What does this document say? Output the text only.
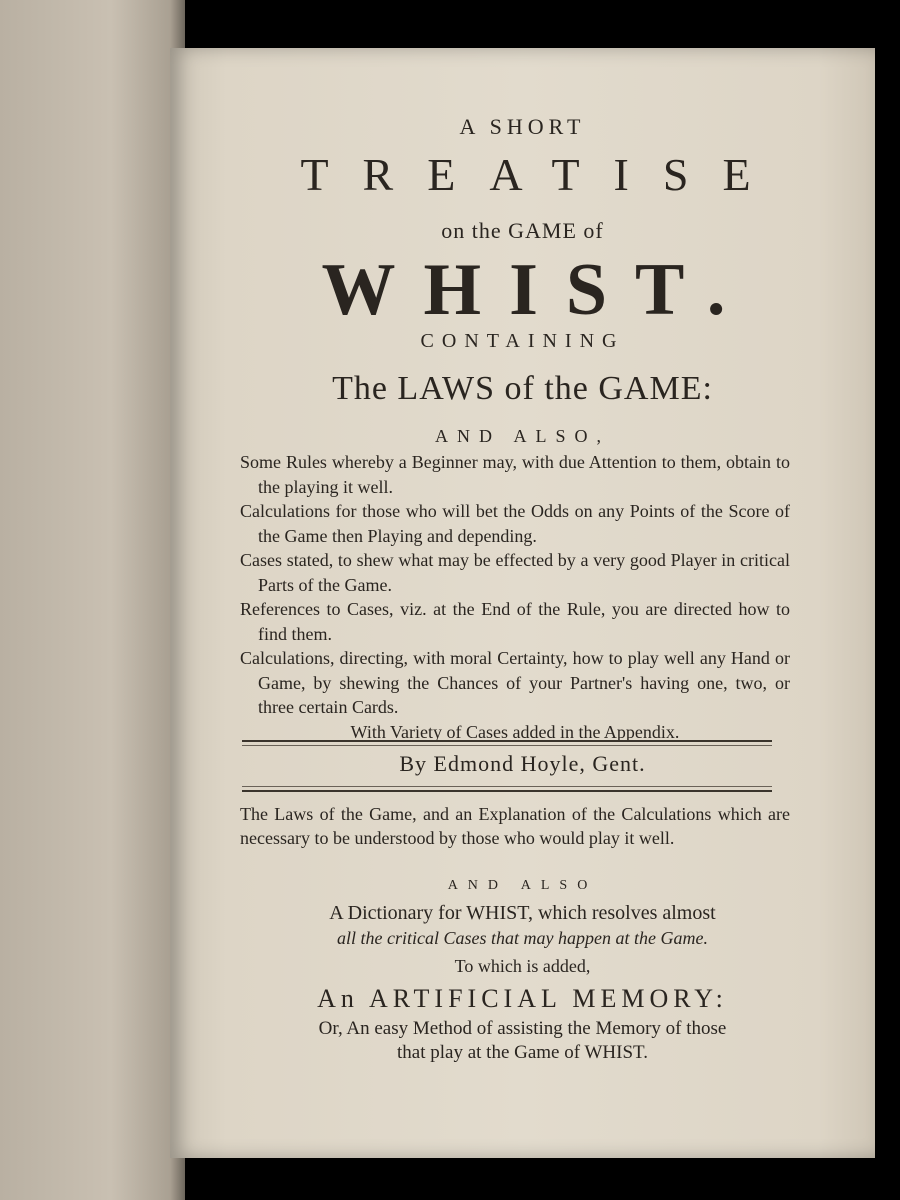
A SHORT
TREATISE
on the GAME of
WHIST.
CONTAINING
The LAWS of the GAME:
AND ALSO,

Some Rules whereby a Beginner may, with due Attention to them, obtain to the playing it well.

Calculations for those who will bet the Odds on any Points of the Score of the Game then Playing and depending.

Cases stated, to shew what may be effected by a very good Player in critical Parts of the Game.

References to Cases, viz. at the End of the Rule, you are directed how to find them.

Calculations, directing, with moral Certainty, how to play well any Hand or Game, by shewing the Chances of your Partner's having one, two, or three certain Cards.

With Variety of Cases added in the Appendix.

By Edmond Hoyle, Gent.
The Laws of the Game, and an Explanation of the Calculations which are necessary to be understood by those who would play it well.
AND ALSO
A Dictionary for WHIST, which resolves almost
all the critical Cases that may happen at the Game.
To which is added,
An ARTIFICIAL MEMORY:
Or, An easy Method of assisting the Memory of those
that play at the Game of WHIST.
